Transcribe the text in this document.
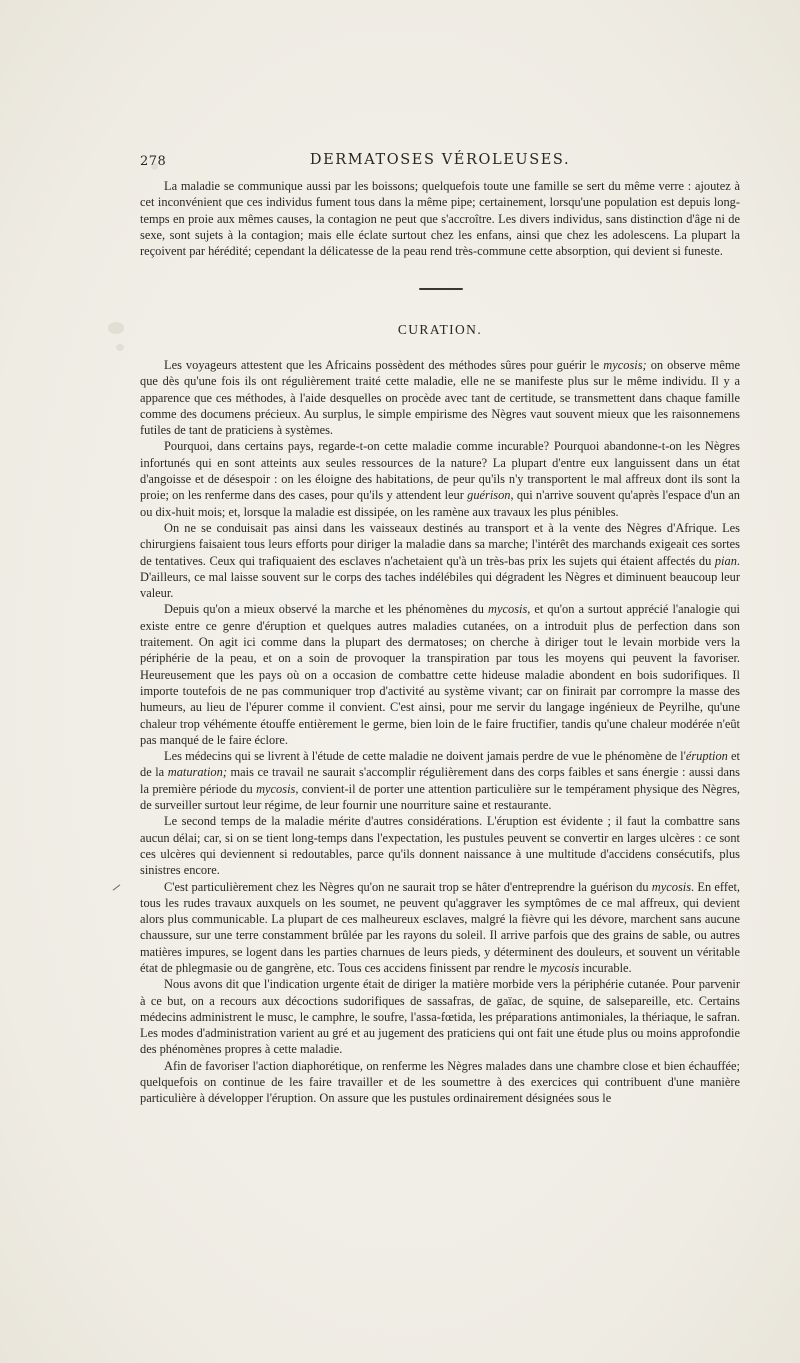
278	DERMATOSES VÉROLEUSES.

La maladie se communique aussi par les boissons; quelquefois toute une famille se sert du même verre : ajoutez à cet inconvénient que ces individus fument tous dans la même pipe; certainement, lorsqu'une population est depuis long-temps en proie aux mêmes causes, la contagion ne peut que s'accroître. Les divers individus, sans distinction d'âge ni de sexe, sont sujets à la contagion; mais elle éclate surtout chez les enfans, ainsi que chez les adolescens. La plupart la reçoivent par hérédité; cependant la délicatesse de la peau rend très-commune cette absorption, qui devient si funeste.

CURATION.

Les voyageurs attestent que les Africains possèdent des méthodes sûres pour guérir le mycosis; on observe même que dès qu'une fois ils ont régulièrement traité cette maladie, elle ne se manifeste plus sur le même individu. Il y a apparence que ces méthodes, à l'aide desquelles on procède avec tant de certitude, se transmettent dans chaque famille comme des documens précieux. Au surplus, le simple empirisme des Nègres vaut souvent mieux que les raisonnemens futiles de tant de praticiens à systèmes.

Pourquoi, dans certains pays, regarde-t-on cette maladie comme incurable? Pourquoi abandonne-t-on les Nègres infortunés qui en sont atteints aux seules ressources de la nature? La plupart d'entre eux languissent dans un état d'angoisse et de désespoir : on les éloigne des habitations, de peur qu'ils n'y transportent le mal affreux dont ils sont la proie; on les renferme dans des cases, pour qu'ils y attendent leur guérison, qui n'arrive souvent qu'après l'espace d'un an ou dix-huit mois; et, lorsque la maladie est dissipée, on les ramène aux travaux les plus pénibles.

On ne se conduisait pas ainsi dans les vaisseaux destinés au transport et à la vente des Nègres d'Afrique. Les chirurgiens faisaient tous leurs efforts pour diriger la maladie dans sa marche; l'intérêt des marchands exigeait ces sortes de tentatives. Ceux qui trafiquaient des esclaves n'achetaient qu'à un très-bas prix les sujets qui étaient affectés du pian. D'ailleurs, ce mal laisse souvent sur le corps des taches indélébiles qui dégradent les Nègres et diminuent beaucoup leur valeur.

Depuis qu'on a mieux observé la marche et les phénomènes du mycosis, et qu'on a surtout apprécié l'analogie qui existe entre ce genre d'éruption et quelques autres maladies cutanées, on a introduit plus de perfection dans son traitement. On agit ici comme dans la plupart des dermatoses; on cherche à diriger tout le levain morbide vers la périphérie de la peau, et on a soin de provoquer la transpiration par tous les moyens qui peuvent la favoriser. Heureusement que les pays où on a occasion de combattre cette hideuse maladie abondent en bois sudorifiques. Il importe toutefois de ne pas communiquer trop d'activité au système vivant; car on finirait par corrompre la masse des humeurs, au lieu de l'épurer comme il convient. C'est ainsi, pour me servir du langage ingénieux de Peyrilhe, qu'une chaleur trop véhémente étouffe entièrement le germe, bien loin de le faire fructifier, tandis qu'une chaleur modérée n'eût pas manqué de le faire éclore.

Les médecins qui se livrent à l'étude de cette maladie ne doivent jamais perdre de vue le phénomène de l'éruption et de la maturation; mais ce travail ne saurait s'accomplir régulièrement dans des corps faibles et sans énergie : aussi dans la première période du mycosis, convient-il de porter une attention particulière sur le tempérament physique des Nègres, de surveiller surtout leur régime, de leur fournir une nourriture saine et restaurante.

Le second temps de la maladie mérite d'autres considérations. L'éruption est évidente ; il faut la combattre sans aucun délai; car, si on se tient long-temps dans l'expectation, les pustules peuvent se convertir en larges ulcères : ce sont ces ulcères qui deviennent si redoutables, parce qu'ils donnent naissance à une multitude d'accidens consécutifs, plus sinistres encore.

C'est particulièrement chez les Nègres qu'on ne saurait trop se hâter d'entreprendre la guérison du mycosis. En effet, tous les rudes travaux auxquels on les soumet, ne peuvent qu'aggraver les symptômes de ce mal affreux, qui devient alors plus communicable. La plupart de ces malheureux esclaves, malgré la fièvre qui les dévore, marchent sans aucune chaussure, sur une terre constamment brûlée par les rayons du soleil. Il arrive parfois que des grains de sable, ou autres matières impures, se logent dans les parties charnues de leurs pieds, y déterminent des douleurs, et souvent un véritable état de phlegmasie ou de gangrène, etc. Tous ces accidens finissent par rendre le mycosis incurable.

Nous avons dit que l'indication urgente était de diriger la matière morbide vers la périphérie cutanée. Pour parvenir à ce but, on a recours aux décoctions sudorifiques de sassafras, de gaïac, de squine, de salsepareille, etc. Certains médecins administrent le musc, le camphre, le soufre, l'assa-fœtida, les préparations antimoniales, la thériaque, le safran. Les modes d'administration varient au gré et au jugement des praticiens qui ont fait une étude plus ou moins approfondie des phénomènes propres à cette maladie.

Afin de favoriser l'action diaphorétique, on renferme les Nègres malades dans une chambre close et bien échauffée; quelquefois on continue de les faire travailler et de les soumettre à des exercices qui contribuent d'une manière particulière à développer l'éruption. On assure que les pustules ordinairement désignées sous le
